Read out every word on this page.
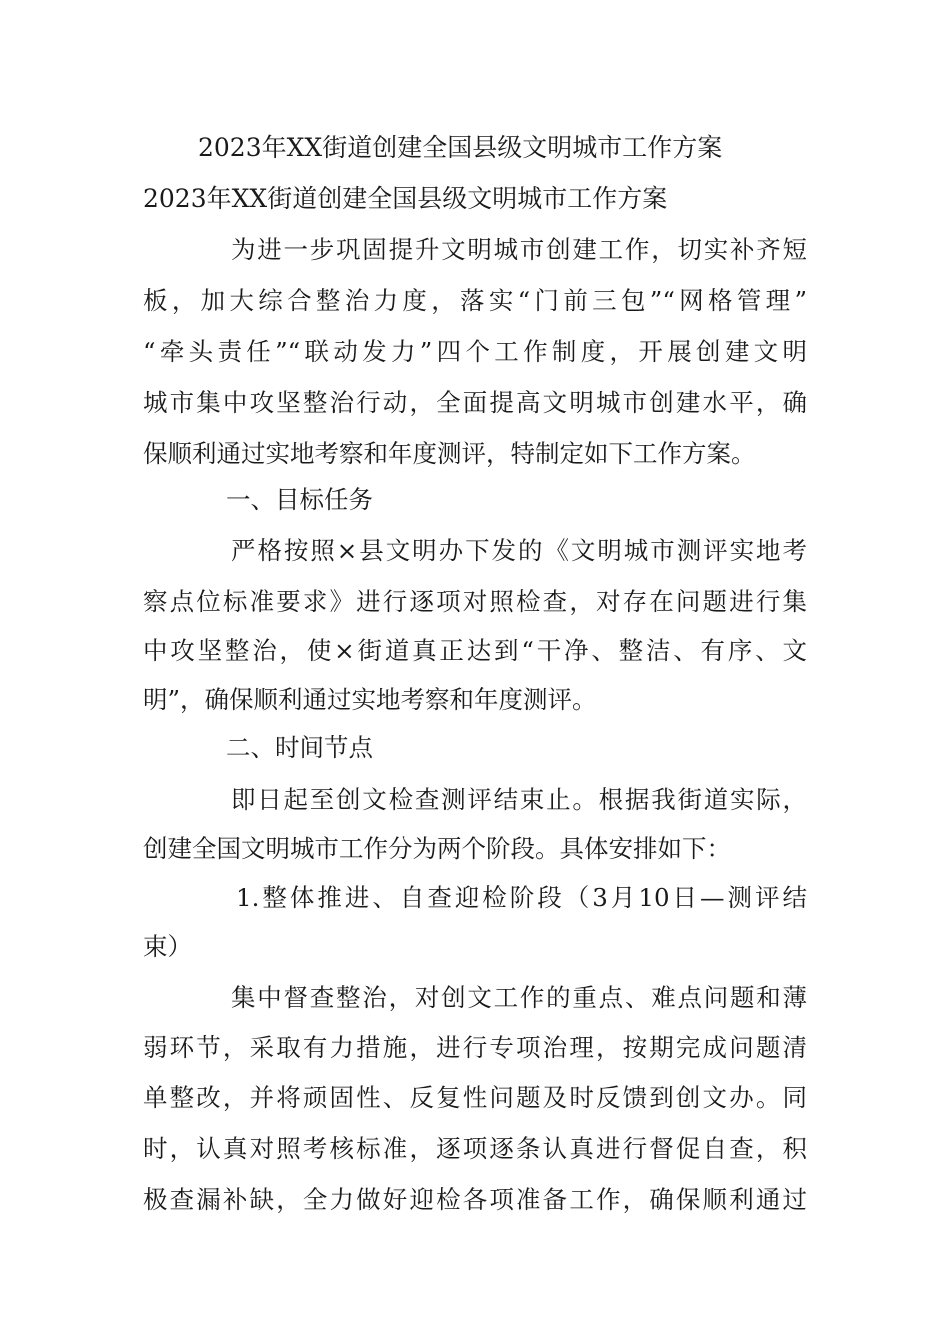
2023年XX街道创建全国县级文明城市工作方案
2023年XX街道创建全国县级文明城市工作方案
为进一步巩固提升文明城市创建工作，切实补齐短
板，加大综合整治力度，落实“门前三包”“网格管理”
“牵头责任”“联动发力”四个工作制度，开展创建文明
城市集中攻坚整治行动，全面提高文明城市创建水平，确
保顺利通过实地考察和年度测评，特制定如下工作方案。
一、目标任务
严格按照×县文明办下发的《文明城市测评实地考
察点位标准要求》进行逐项对照检查，对存在问题进行集
中攻坚整治，使×街道真正达到“干净、整洁、有序、文
明”，确保顺利通过实地考察和年度测评。
二、时间节点
即日起至创文检查测评结束止。根据我街道实际，
创建全国文明城市工作分为两个阶段。具体安排如下：
1.整体推进、自查迎检阶段（3月10日—测评结
束）
集中督查整治，对创文工作的重点、难点问题和薄
弱环节，采取有力措施，进行专项治理，按期完成问题清
单整改，并将顽固性、反复性问题及时反馈到创文办。同
时，认真对照考核标准，逐项逐条认真进行督促自查，积
极查漏补缺，全力做好迎检各项准备工作，确保顺利通过
